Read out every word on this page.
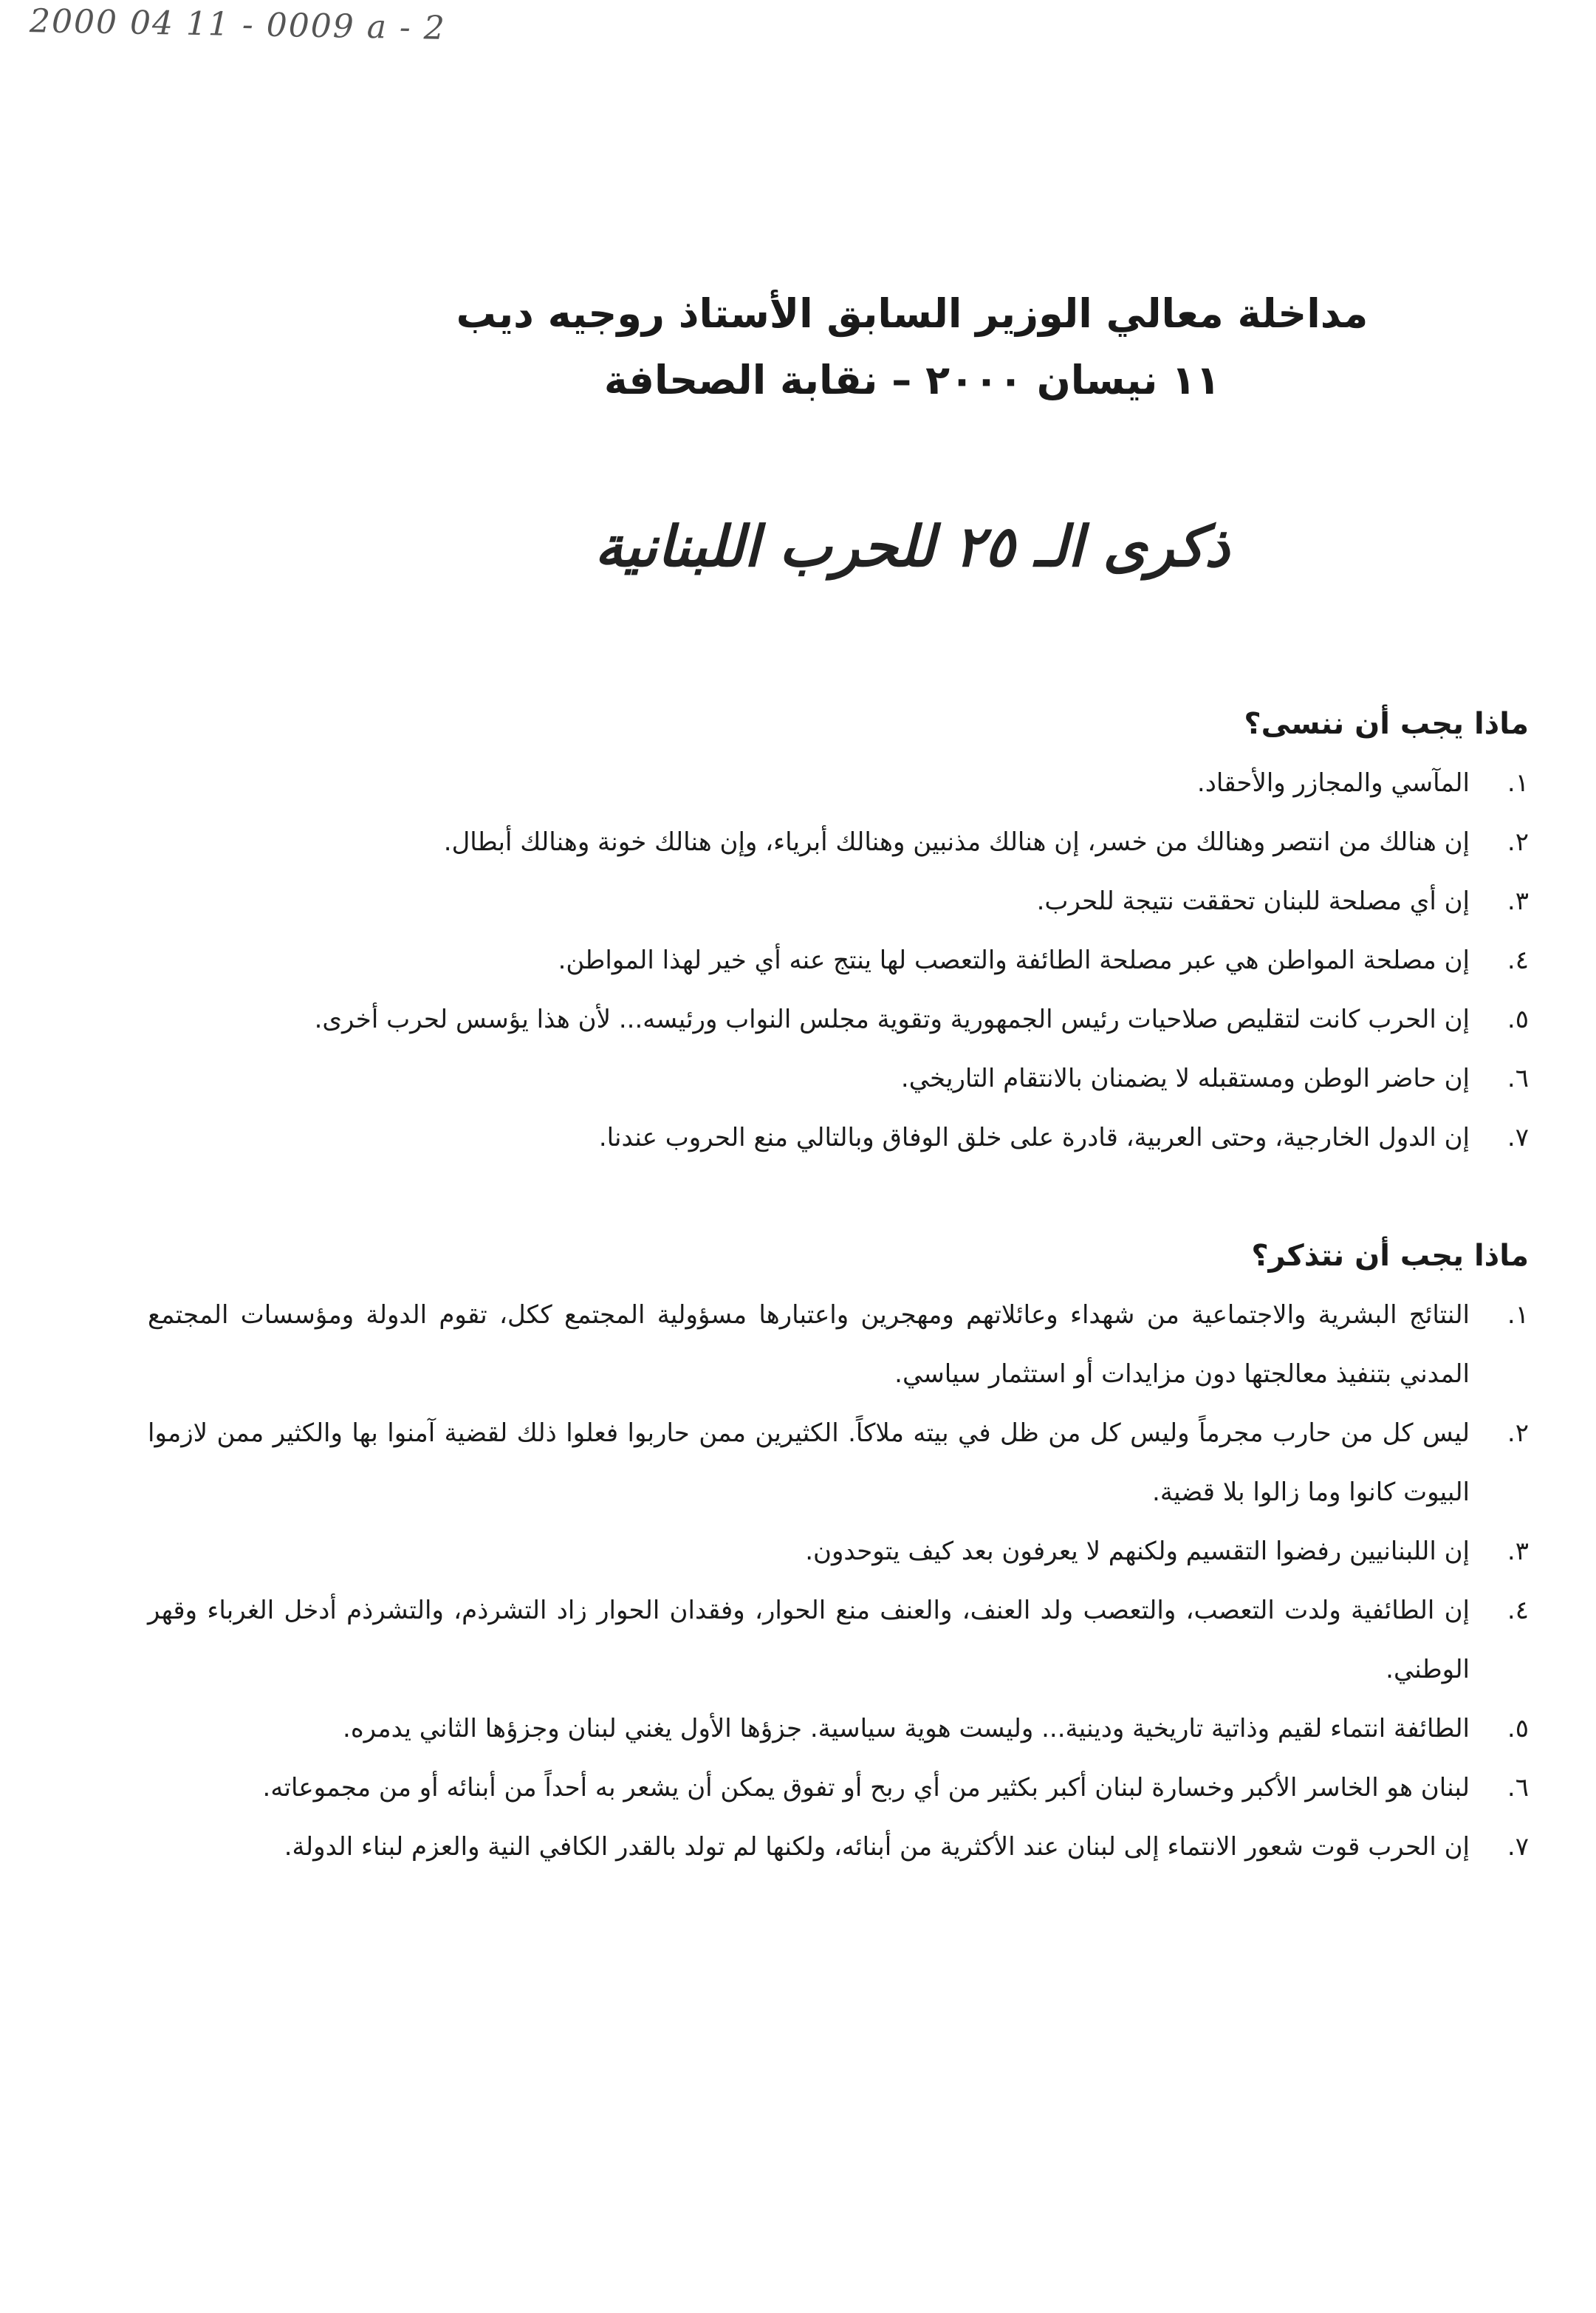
2000 04 11 - 0009 a - 2
مداخلة معالي الوزير السابق الأستاذ روجيه ديب
١١ نيسان ٢٠٠٠ – نقابة الصحافة
ذكرى الـ ٢٥ للحرب اللبنانية
ماذا يجب أن ننسى؟
١.
المآسي والمجازر والأحقاد.
٢.
إن هنالك من انتصر وهنالك من خسر، إن هنالك مذنبين وهنالك أبرياء، وإن هنالك خونة وهنالك أبطال.
٣.
إن أي مصلحة للبنان تحققت نتيجة للحرب.
٤.
إن مصلحة المواطن هي عبر مصلحة الطائفة والتعصب لها ينتج عنه أي خير لهذا المواطن.
٥.
إن الحرب كانت لتقليص صلاحيات رئيس الجمهورية وتقوية مجلس النواب ورئيسه... لأن هذا يؤسس لحرب أخرى.
٦.
إن حاضر الوطن ومستقبله لا يضمنان بالانتقام التاريخي.
٧.
إن الدول الخارجية، وحتى العربية، قادرة على خلق الوفاق وبالتالي منع الحروب عندنا.
ماذا يجب أن نتذكر؟
١.
النتائج البشرية والاجتماعية من شهداء وعائلاتهم ومهجرين واعتبارها مسؤولية المجتمع ككل، تقوم الدولة ومؤسسات المجتمع المدني بتنفيذ معالجتها دون مزايدات أو استثمار سياسي.
٢.
ليس كل من حارب مجرماً وليس كل من ظل في بيته ملاكاً. الكثيرين ممن حاربوا فعلوا ذلك لقضية آمنوا بها والكثير ممن لازموا البيوت كانوا وما زالوا بلا قضية.
٣.
إن اللبنانيين رفضوا التقسيم ولكنهم لا يعرفون بعد كيف يتوحدون.
٤.
إن الطائفية ولدت التعصب، والتعصب ولد العنف، والعنف منع الحوار، وفقدان الحوار زاد التشرذم، والتشرذم أدخل الغرباء وقهر الوطني.
٥.
الطائفة انتماء لقيم وذاتية تاريخية ودينية... وليست هوية سياسية. جزؤها الأول يغني لبنان وجزؤها الثاني يدمره.
٦.
لبنان هو الخاسر الأكبر وخسارة لبنان أكبر بكثير من أي ربح أو تفوق يمكن أن يشعر به أحداً من أبنائه أو من مجموعاته.
٧.
إن الحرب قوت شعور الانتماء إلى لبنان عند الأكثرية من أبنائه، ولكنها لم تولد بالقدر الكافي النية والعزم لبناء الدولة.
